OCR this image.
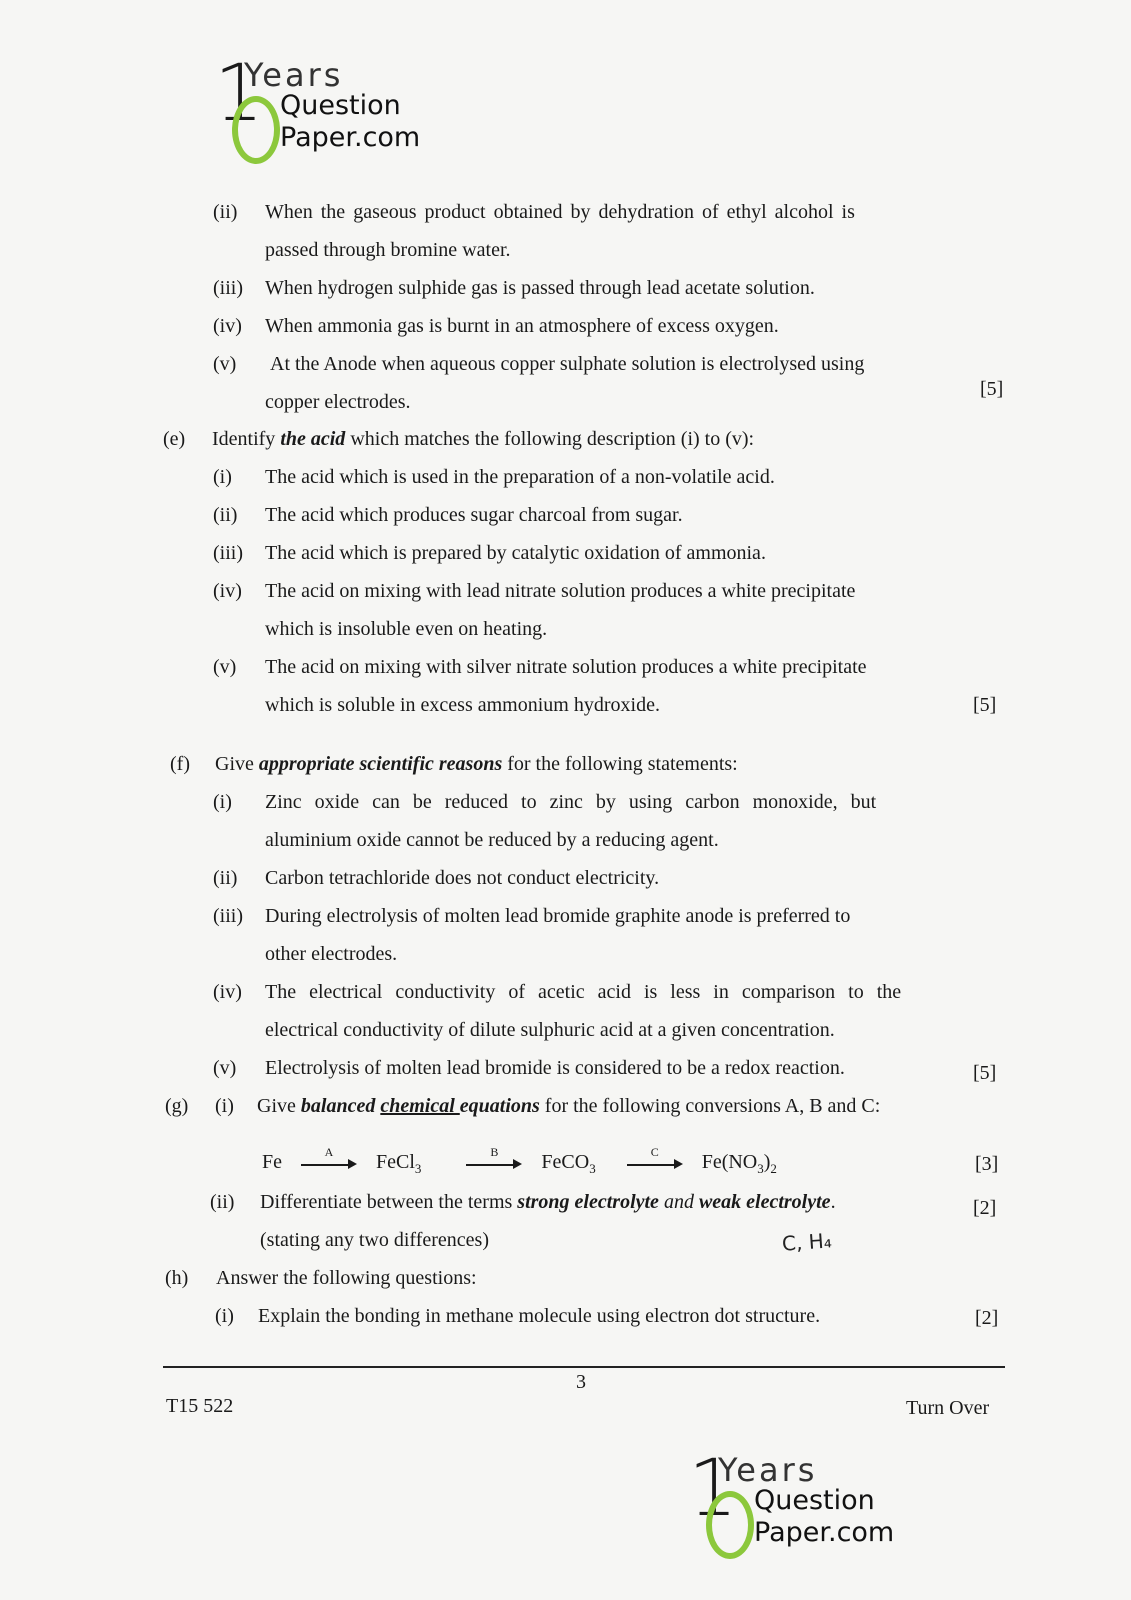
1
Years
Question
Paper.com
(ii) When the gaseous product obtained by dehydration of ethyl alcohol is
passed through bromine water.
(iii) When hydrogen sulphide gas is passed through lead acetate solution.
(iv) When ammonia gas is burnt in an atmosphere of excess oxygen.
(v) At the Anode when aqueous copper sulphate solution is electrolysed using
copper electrodes.
[5]
(e) Identify the acid which matches the following description (i) to (v):
(i) The acid which is used in the preparation of a non-volatile acid.
(ii) The acid which produces sugar charcoal from sugar.
(iii) The acid which is prepared by catalytic oxidation of ammonia.
(iv) The acid on mixing with lead nitrate solution produces a white precipitate
which is insoluble even on heating.
(v) The acid on mixing with silver nitrate solution produces a white precipitate
which is soluble in excess ammonium hydroxide.	[5]
(f) Give appropriate scientific reasons for the following statements:
(i) Zinc oxide can be reduced to zinc by using carbon monoxide, but
aluminium oxide cannot be reduced by a reducing agent.
(ii) Carbon tetrachloride does not conduct electricity.
(iii) During electrolysis of molten lead bromide graphite anode is preferred to
other electrodes.
(iv) The electrical conductivity of acetic acid is less in comparison to the
electrical conductivity of dilute sulphuric acid at a given concentration.
(v) Electrolysis of molten lead bromide is considered to be a redox reaction.	[5]
(g) (i) Give balanced chemical equations for the following conversions A, B and C:
Fe	A	FeCl$_3$
B	FeCO$_3$
C	$Fe(NO_3)_2$	[3]
(ii) Differentiate between the terms strong electrolyte and weak electrolyte.	[2]
(stating any two differences)	C, H₄
(h) Answer the following questions:
(i) Explain the bonding in methane molecule using electron dot structure.	[2]
3
T15 522	Turn Over
1
Years
Question
Paper.com
